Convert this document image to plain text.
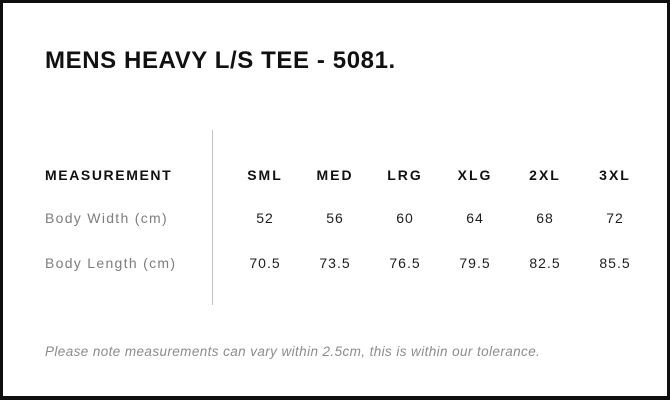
MENS HEAVY L/S TEE - 5081.
MEASUREMENT	SML	MED	LRG	XLG	2XL	3XL
Body Width (cm)	52	56	60	64	68	72
Body Length (cm)	70.5	73.5	76.5	79.5	82.5	85.5
Please note measurements can vary within 2.5cm, this is within our tolerance.
